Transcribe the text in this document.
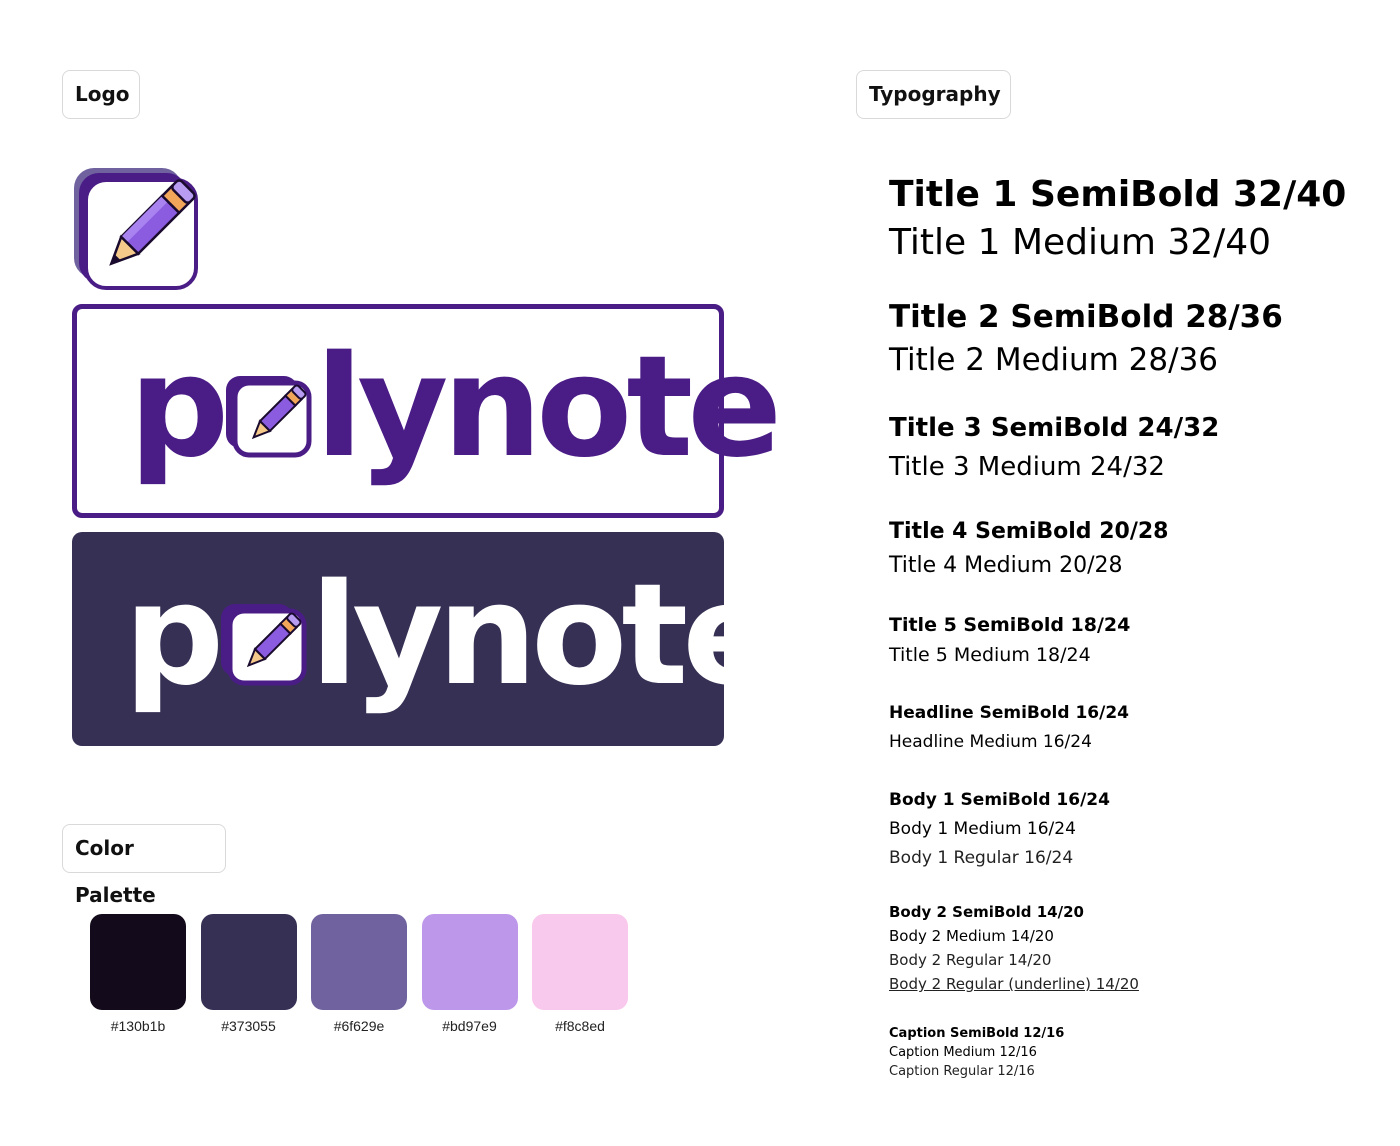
Logo	Typography
Color Palette
p lynote
p lynote
#130b1b	#373055	#6f629e	#bd97e9	#f8c8ed
Title 1 SemiBold 32/40
Title 1 Medium 32/40
Title 2 SemiBold 28/36
Title 2 Medium 28/36
Title 3 SemiBold 24/32
Title 3 Medium 24/32
Title 4 SemiBold 20/28
Title 4 Medium 20/28
Title 5 SemiBold 18/24
Title 5 Medium 18/24
Headline SemiBold 16/24
Headline Medium 16/24
Body 1 SemiBold 16/24
Body 1 Medium 16/24
Body 1 Regular 16/24
Body 2 SemiBold 14/20
Body 2 Medium 14/20
Body 2 Regular 14/20
Body 2 Regular (underline) 14/20
Caption SemiBold 12/16
Caption Medium 12/16
Caption Regular 12/16
